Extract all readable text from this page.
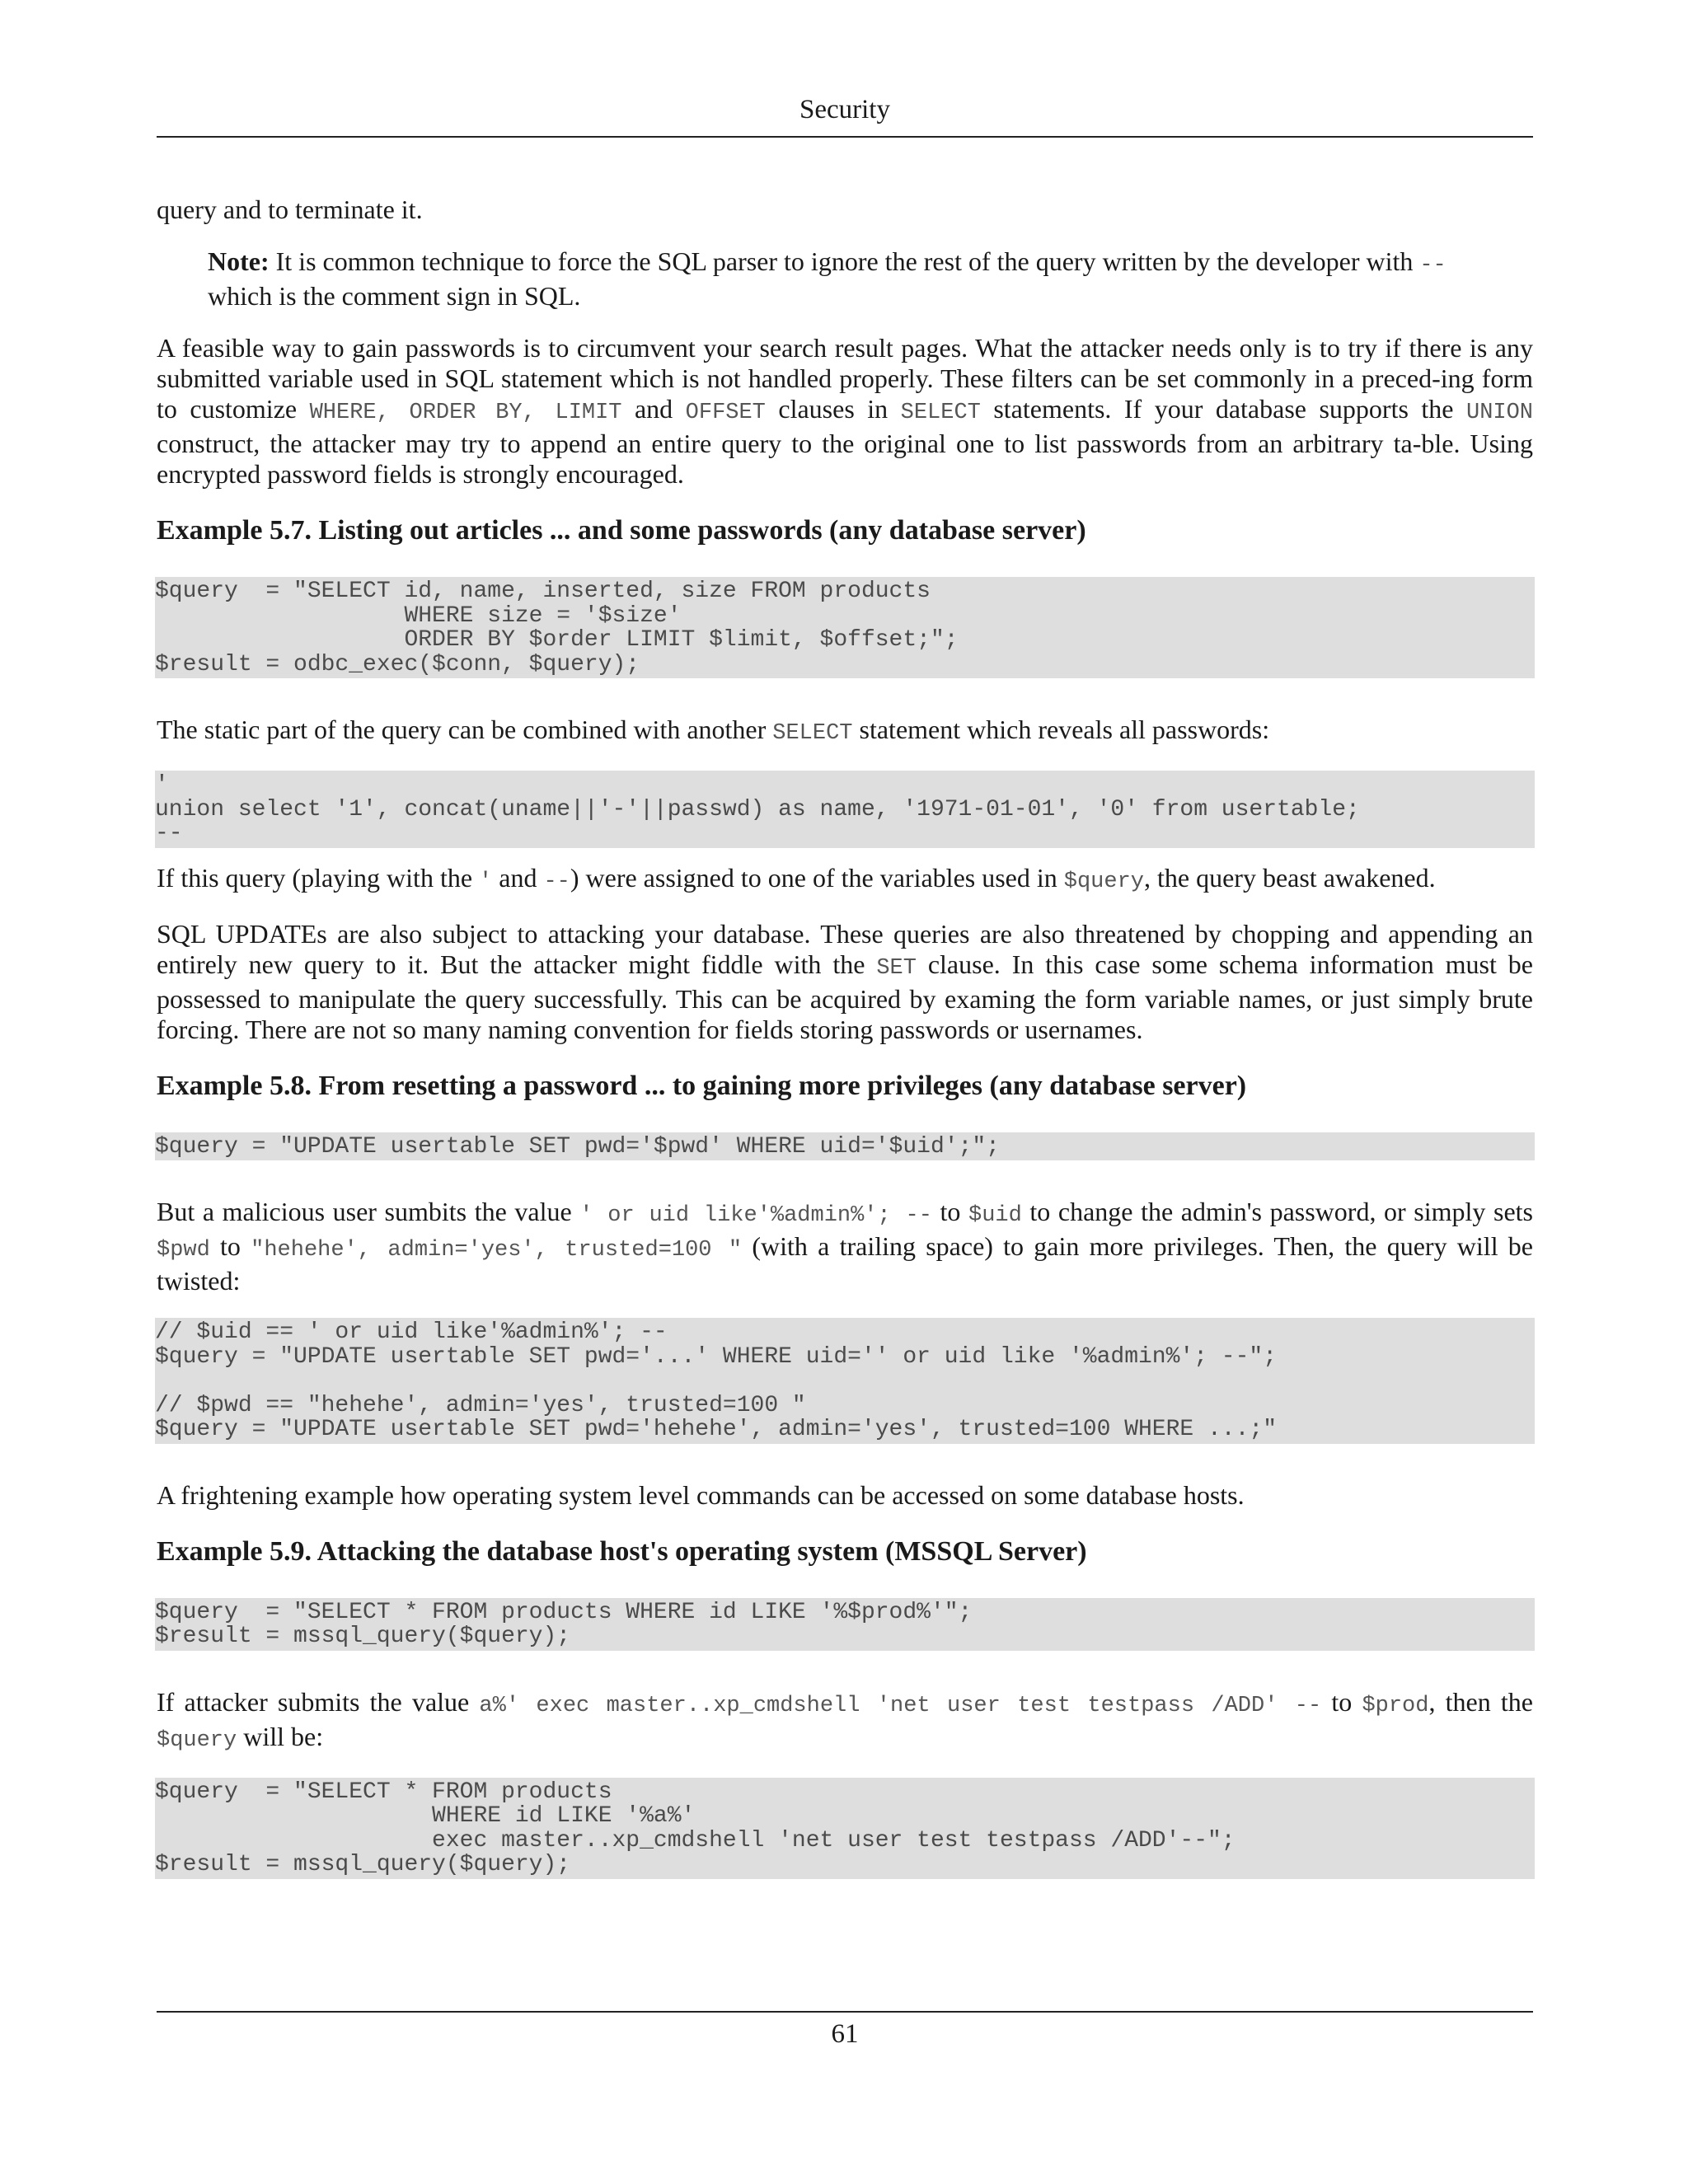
Security

query and to terminate it.

Note: It is common technique to force the SQL parser to ignore the rest of the query written by the developer with -- which is the comment sign in SQL.

A feasible way to gain passwords is to circumvent your search result pages. What the attacker needs only is to try if there is any submitted variable used in SQL statement which is not handled properly. These filters can be set commonly in a preced-ing form to customize WHERE, ORDER BY, LIMIT and OFFSET clauses in SELECT statements. If your database supports the UNION construct, the attacker may try to append an entire query to the original one to list passwords from an arbitrary ta-ble. Using encrypted password fields is strongly encouraged.

Example 5.7. Listing out articles ... and some passwords (any database server)
$query  = "SELECT id, name, inserted, size FROM products
WHERE size = '$size'
ORDER BY $order LIMIT $limit, $offset;";
$result = odbc_exec($conn, $query);

The static part of the query can be combined with another SELECT statement which reveals all passwords:

'
union select '1', concat(uname||'-'||passwd) as name, '1971-01-01', '0' from usertable;
--

If this query (playing with the ' and --) were assigned to one of the variables used in $query, the query beast awakened.

SQL UPDATEs are also subject to attacking your database. These queries are also threatened by chopping and appending an entirely new query to it. But the attacker might fiddle with the SET clause. In this case some schema information must be possessed to manipulate the query successfully. This can be acquired by examing the form variable names, or just simply brute forcing. There are not so many naming convention for fields storing passwords or usernames.

Example 5.8. From resetting a password ... to gaining more privileges (any database server)
$query = "UPDATE usertable SET pwd='$pwd' WHERE uid='$uid';";

But a malicious user sumbits the value ' or uid like'%admin%'; -- to $uid to change the admin's password, or simply sets $pwd to "hehehe', admin='yes', trusted=100 " (with a trailing space) to gain more privileges. Then, the query will be twisted:

// $uid == ' or uid like'%admin%'; --
$query = "UPDATE usertable SET pwd='...' WHERE uid='' or uid like '%admin%'; --";

// $pwd == "hehehe', admin='yes', trusted=100 "
$query = "UPDATE usertable SET pwd='hehehe', admin='yes', trusted=100 WHERE ...;"

A frightening example how operating system level commands can be accessed on some database hosts.

Example 5.9. Attacking the database host's operating system (MSSQL Server)
$query  = "SELECT * FROM products WHERE id LIKE '%$prod%'";
$result = mssql_query($query);

If attacker submits the value a%' exec master..xp_cmdshell 'net user test testpass /ADD' -- to $prod, then the $query will be:

$query  = "SELECT * FROM products
WHERE id LIKE '%a%'
exec master..xp_cmdshell 'net user test testpass /ADD'--";
$result = mssql_query($query);
61
